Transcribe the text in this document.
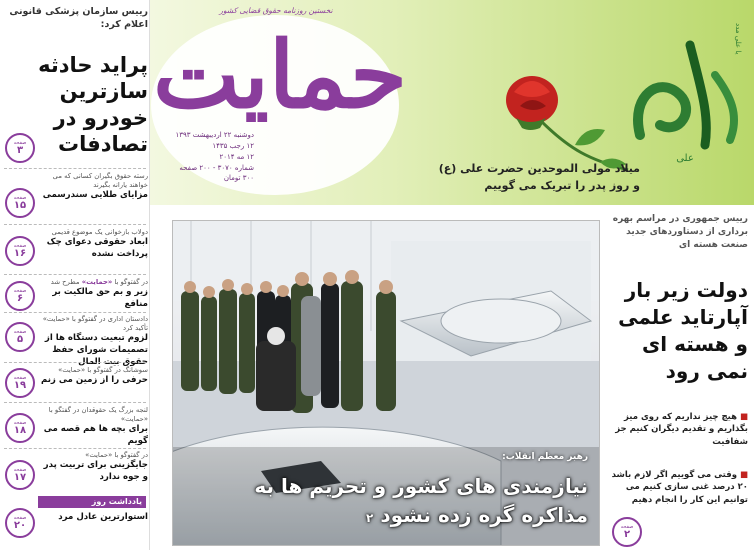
رییس سازمان پزشکی قانونی اعلام کرد:
پراید حادثه سازترین خودرو در تصادفات
صفحه
۳
رسته حقوق بگیران کسانی که می خواهند یارانه بگیرند
مزایای طلایی سندرسمی
صفحه
۱۵
دولاب بازخوانی یک موضوع قدیمی
ابعاد حقوقی دعوای چک پرداخت نشده
صفحه
۱۶
در گفتوگو با «حمایت» مطرح شد
زیر و بم حق مالکیت بر منافع
صفحه
۶
دادستان اداری در گفتوگو با «حمایت» تأکید کرد
لزوم تبعیت دستگاه ها از تصمیمات شورای حفظ حقوق بیت المال
صفحه
۵
سوشانگ در گفتوگو با «حمایت»
حرفی را از زمین می زنم
صفحه
۱۹
لنجه بزرگ یک حقوقدان در گفتگو با «حمایت»
برای بچه ها هم قصه می گویم
صفحه
۱۸
در گفتوگو با «حمایت»
جایگزینی برای تربیت پدر و جوه ندارد
صفحه
۱۷
یادداشت روز
استوارترین عادل مرد
صفحه
۲۰
نخستین روزنامه حقوق قضایی کشور
حمایت
دوشنبه ۲۲ اردیبهشت ۱۳۹۳
۱۲ رجب ۱۴۳۵
۱۲ مه ۲۰۱۴
شماره ۳۰۷۰ - ۲۰۰ صفحه
۳۰۰ تومان
علی
یا علی مدد
میلاد مولی الموحدین حضرت علی (ع)
و روز پدر را تبریک می گوییم
رهبر معظم انقلاب:
نیازمندی های کشور و تحریم ها به مذاکره گره زده نشود ۲
رییس جمهوری در مراسم بهره برداری از دستاوردهای جدید صنعت هسته ای
دولت زیر بار آپارتاید علمی و هسته ای نمی رود
■ هیچ چیز نداریم که روی میز بگذاریم و تقدیم دیگران کنیم جز شفافیت
■ وقتی می گوییم اگر لازم باشد ۲۰ درصد غنی سازی کنیم می توانیم این کار را انجام دهیم
صفحه
۲
